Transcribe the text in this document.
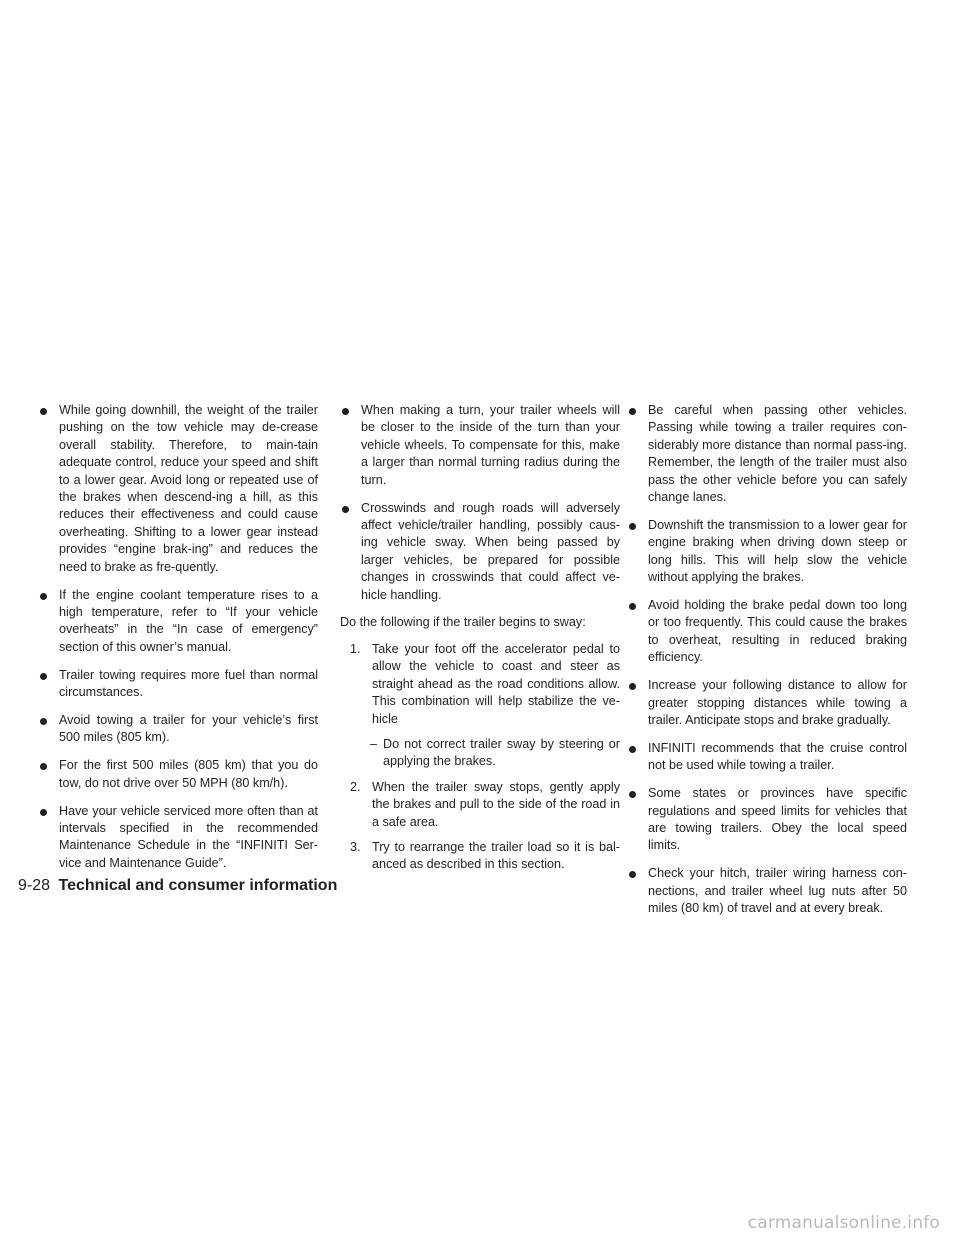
While going downhill, the weight of the trailer pushing on the tow vehicle may de-crease overall stability. Therefore, to main-tain adequate control, reduce your speed and shift to a lower gear. Avoid long or repeated use of the brakes when descend-ing a hill, as this reduces their effectiveness and could cause overheating. Shifting to a lower gear instead provides “engine brak-ing” and reduces the need to brake as fre-quently.
If the engine coolant temperature rises to a high temperature, refer to “If your vehicle overheats” in the “In case of emergency” section of this owner’s manual.
Trailer towing requires more fuel than normal circumstances.
Avoid towing a trailer for your vehicle’s first 500 miles (805 km).
For the first 500 miles (805 km) that you do tow, do not drive over 50 MPH (80 km/h).
Have your vehicle serviced more often than at intervals specified in the recommended Maintenance Schedule in the “INFINITI Ser-vice and Maintenance Guide”.
When making a turn, your trailer wheels will be closer to the inside of the turn than your vehicle wheels. To compensate for this, make a larger than normal turning radius during the turn.
Crosswinds and rough roads will adversely affect vehicle/trailer handling, possibly caus-ing vehicle sway. When being passed by larger vehicles, be prepared for possible changes in crosswinds that could affect ve-hicle handling.
Do the following if the trailer begins to sway:
1. Take your foot off the accelerator pedal to allow the vehicle to coast and steer as straight ahead as the road conditions allow. This combination will help stabilize the ve-hicle
– Do not correct trailer sway by steering or applying the brakes.
2. When the trailer sway stops, gently apply the brakes and pull to the side of the road in a safe area.
3. Try to rearrange the trailer load so it is bal-anced as described in this section.
Be careful when passing other vehicles. Passing while towing a trailer requires con-siderably more distance than normal pass-ing. Remember, the length of the trailer must also pass the other vehicle before you can safely change lanes.
Downshift the transmission to a lower gear for engine braking when driving down steep or long hills. This will help slow the vehicle without applying the brakes.
Avoid holding the brake pedal down too long or too frequently. This could cause the brakes to overheat, resulting in reduced braking efficiency.
Increase your following distance to allow for greater stopping distances while towing a trailer. Anticipate stops and brake gradually.
INFINITI recommends that the cruise control not be used while towing a trailer.
Some states or provinces have specific regulations and speed limits for vehicles that are towing trailers. Obey the local speed limits.
Check your hitch, trailer wiring harness con-nections, and trailer wheel lug nuts after 50 miles (80 km) of travel and at every break.
9-28 Technical and consumer information
carmanualsonline.info
